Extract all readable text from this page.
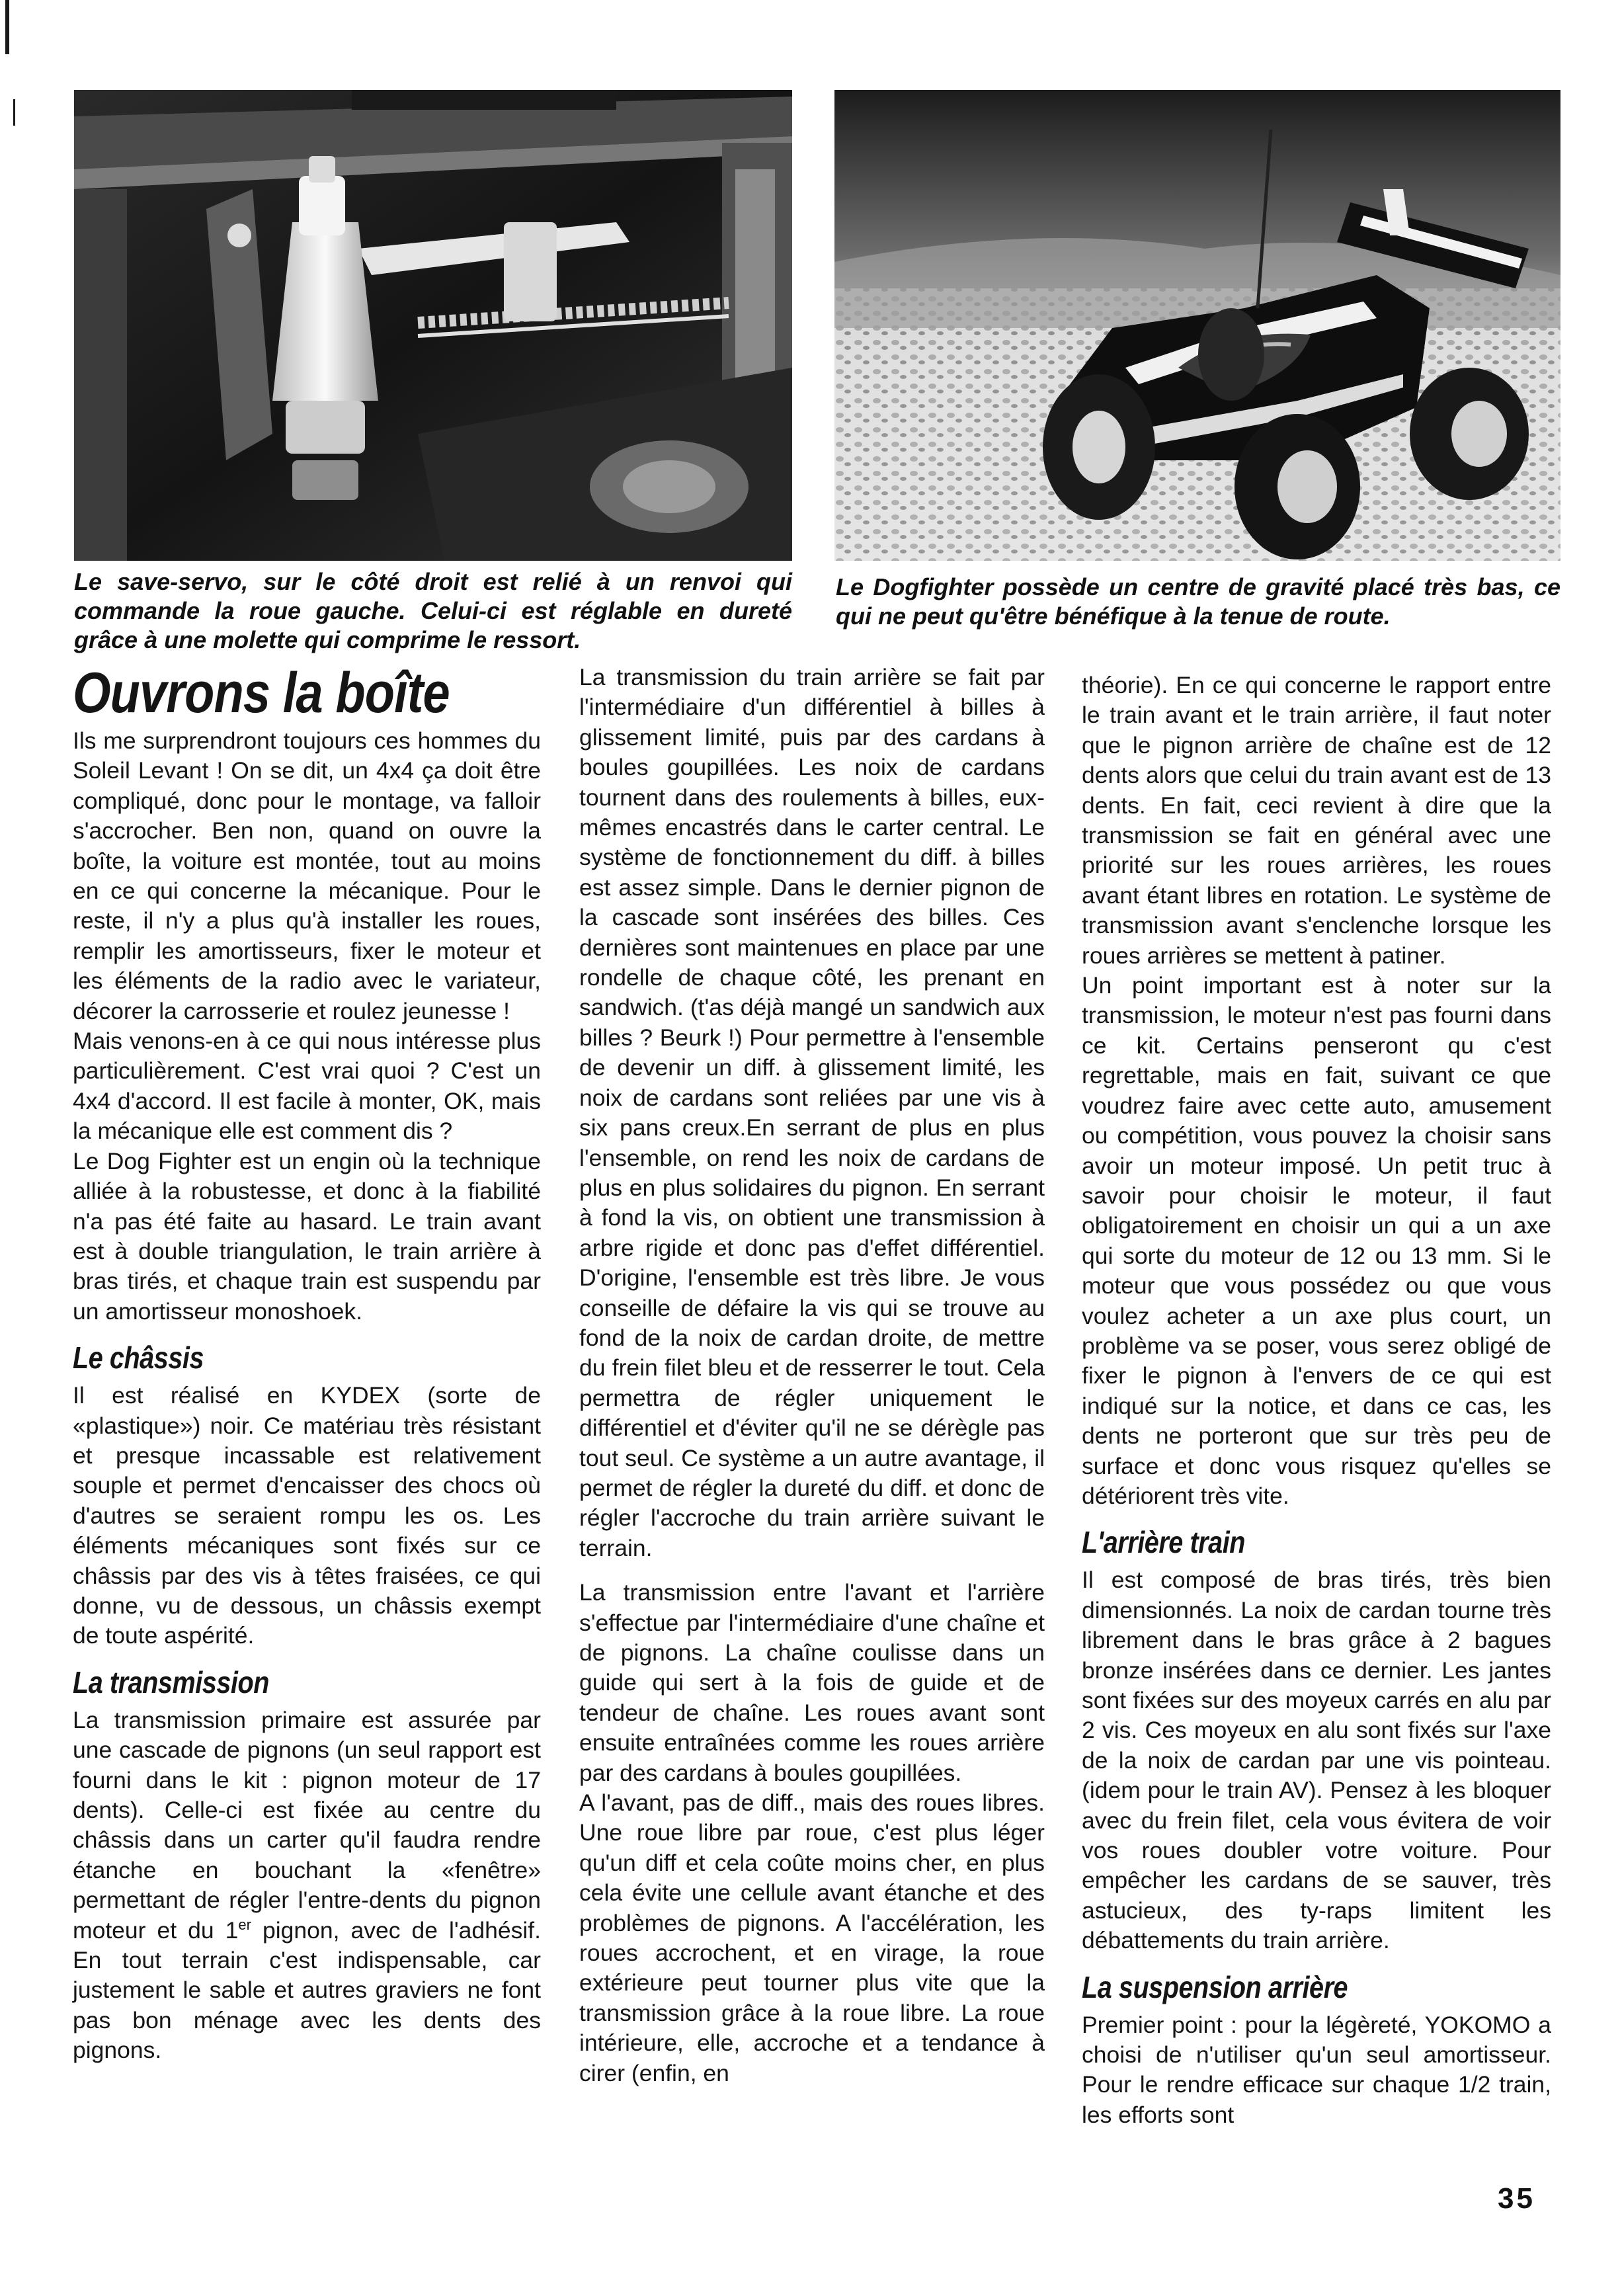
Le save-servo, sur le côté droit est relié à un renvoi qui commande la roue gauche. Celui-ci est réglable en dureté grâce à une molette qui comprime le ressort.
Le Dogfighter possède un centre de gravité placé très bas, ce qui ne peut qu'être bénéfique à la tenue de route.
Ouvrons la boîte

Ils me surprendront toujours ces hommes du Soleil Levant ! On se dit, un 4x4 ça doit être compliqué, donc pour le montage, va falloir s'accrocher. Ben non, quand on ouvre la boîte, la voiture est montée, tout au moins en ce qui concerne la mécanique. Pour le reste, il n'y a plus qu'à installer les roues, remplir les amortisseurs, fixer le moteur et les éléments de la radio avec le variateur, décorer la carrosserie et roulez jeunesse !

Mais venons-en à ce qui nous intéresse plus particulièrement. C'est vrai quoi ? C'est un 4x4 d'accord. Il est facile à monter, OK, mais la mécanique elle est comment dis ?

Le Dog Fighter est un engin où la technique alliée à la robustesse, et donc à la fiabilité n'a pas été faite au hasard. Le train avant est à double triangulation, le train arrière à bras tirés, et chaque train est suspendu par un amortisseur monoshoek.

Le châssis

Il est réalisé en KYDEX (sorte de «plastique») noir. Ce matériau très résistant et presque incassable est relativement souple et permet d'encaisser des chocs où d'autres se seraient rompu les os. Les éléments mécaniques sont fixés sur ce châssis par des vis à têtes fraisées, ce qui donne, vu de dessous, un châssis exempt de toute aspérité.

La transmission

La transmission primaire est assurée par une cascade de pignons (un seul rapport est fourni dans le kit : pignon moteur de 17 dents). Celle-ci est fixée au centre du châssis dans un carter qu'il faudra rendre étanche en bouchant la «fenêtre» permettant de régler l'entre-dents du pignon moteur et du 1er pignon, avec de l'adhésif. En tout terrain c'est indispensable, car justement le sable et autres graviers ne font pas bon ménage avec les dents des pignons.

La transmission du train arrière se fait par l'intermédiaire d'un différentiel à billes à glissement limité, puis par des cardans à boules goupillées. Les noix de cardans tournent dans des roulements à billes, eux-mêmes encastrés dans le carter central. Le système de fonctionnement du diff. à billes est assez simple. Dans le dernier pignon de la cascade sont insérées des billes. Ces dernières sont maintenues en place par une rondelle de chaque côté, les prenant en sandwich. (t'as déjà mangé un sandwich aux billes ? Beurk !) Pour permettre à l'ensemble de devenir un diff. à glissement limité, les noix de cardans sont reliées par une vis à six pans creux.En serrant de plus en plus l'ensemble, on rend les noix de cardans de plus en plus solidaires du pignon. En serrant à fond la vis, on obtient une transmission à arbre rigide et donc pas d'effet différentiel. D'origine, l'ensemble est très libre. Je vous conseille de défaire la vis qui se trouve au fond de la noix de cardan droite, de mettre du frein filet bleu et de resserrer le tout. Cela permettra de régler uniquement le différentiel et d'éviter qu'il ne se dérègle pas tout seul. Ce système a un autre avantage, il permet de régler la dureté du diff. et donc de régler l'accroche du train arrière suivant le terrain.

La transmission entre l'avant et l'arrière s'effectue par l'intermédiaire d'une chaîne et de pignons. La chaîne coulisse dans un guide qui sert à la fois de guide et de tendeur de chaîne. Les roues avant sont ensuite entraînées comme les roues arrière par des cardans à boules goupillées.

A l'avant, pas de diff., mais des roues libres. Une roue libre par roue, c'est plus léger qu'un diff et cela coûte moins cher, en plus cela évite une cellule avant étanche et des problèmes de pignons. A l'accélération, les roues accrochent, et en virage, la roue extérieure peut tourner plus vite que la transmission grâce à la roue libre. La roue intérieure, elle, accroche et a tendance à cirer (enfin, en

théorie). En ce qui concerne le rapport entre le train avant et le train arrière, il faut noter que le pignon arrière de chaîne est de 12 dents alors que celui du train avant est de 13 dents. En fait, ceci revient à dire que la transmission se fait en général avec une priorité sur les roues arrières, les roues avant étant libres en rotation. Le système de transmission avant s'enclenche lorsque les roues arrières se mettent à patiner.

Un point important est à noter sur la transmission, le moteur n'est pas fourni dans ce kit. Certains penseront qu c'est regrettable, mais en fait, suivant ce que voudrez faire avec cette auto, amusement ou compétition, vous pouvez la choisir sans avoir un moteur imposé. Un petit truc à savoir pour choisir le moteur, il faut obligatoirement en choisir un qui a un axe qui sorte du moteur de 12 ou 13 mm. Si le moteur que vous possédez ou que vous voulez acheter a un axe plus court, un problème va se poser, vous serez obligé de fixer le pignon à l'envers de ce qui est indiqué sur la notice, et dans ce cas, les dents ne porteront que sur très peu de surface et donc vous risquez qu'elles se détériorent très vite.

L'arrière train

Il est composé de bras tirés, très bien dimensionnés. La noix de cardan tourne très librement dans le bras grâce à 2 bagues bronze insérées dans ce dernier. Les jantes sont fixées sur des moyeux carrés en alu par 2 vis. Ces moyeux en alu sont fixés sur l'axe de la noix de cardan par une vis pointeau. (idem pour le train AV). Pensez à les bloquer avec du frein filet, cela vous évitera de voir vos roues doubler votre voiture. Pour empêcher les cardans de se sauver, très astucieux, des ty-raps limitent les débattements du train arrière.

La suspension arrière

Premier point : pour la légèreté, YOKOMO a choisi de n'utiliser qu'un seul amortisseur. Pour le rendre efficace sur chaque 1/2 train, les efforts sont

35
